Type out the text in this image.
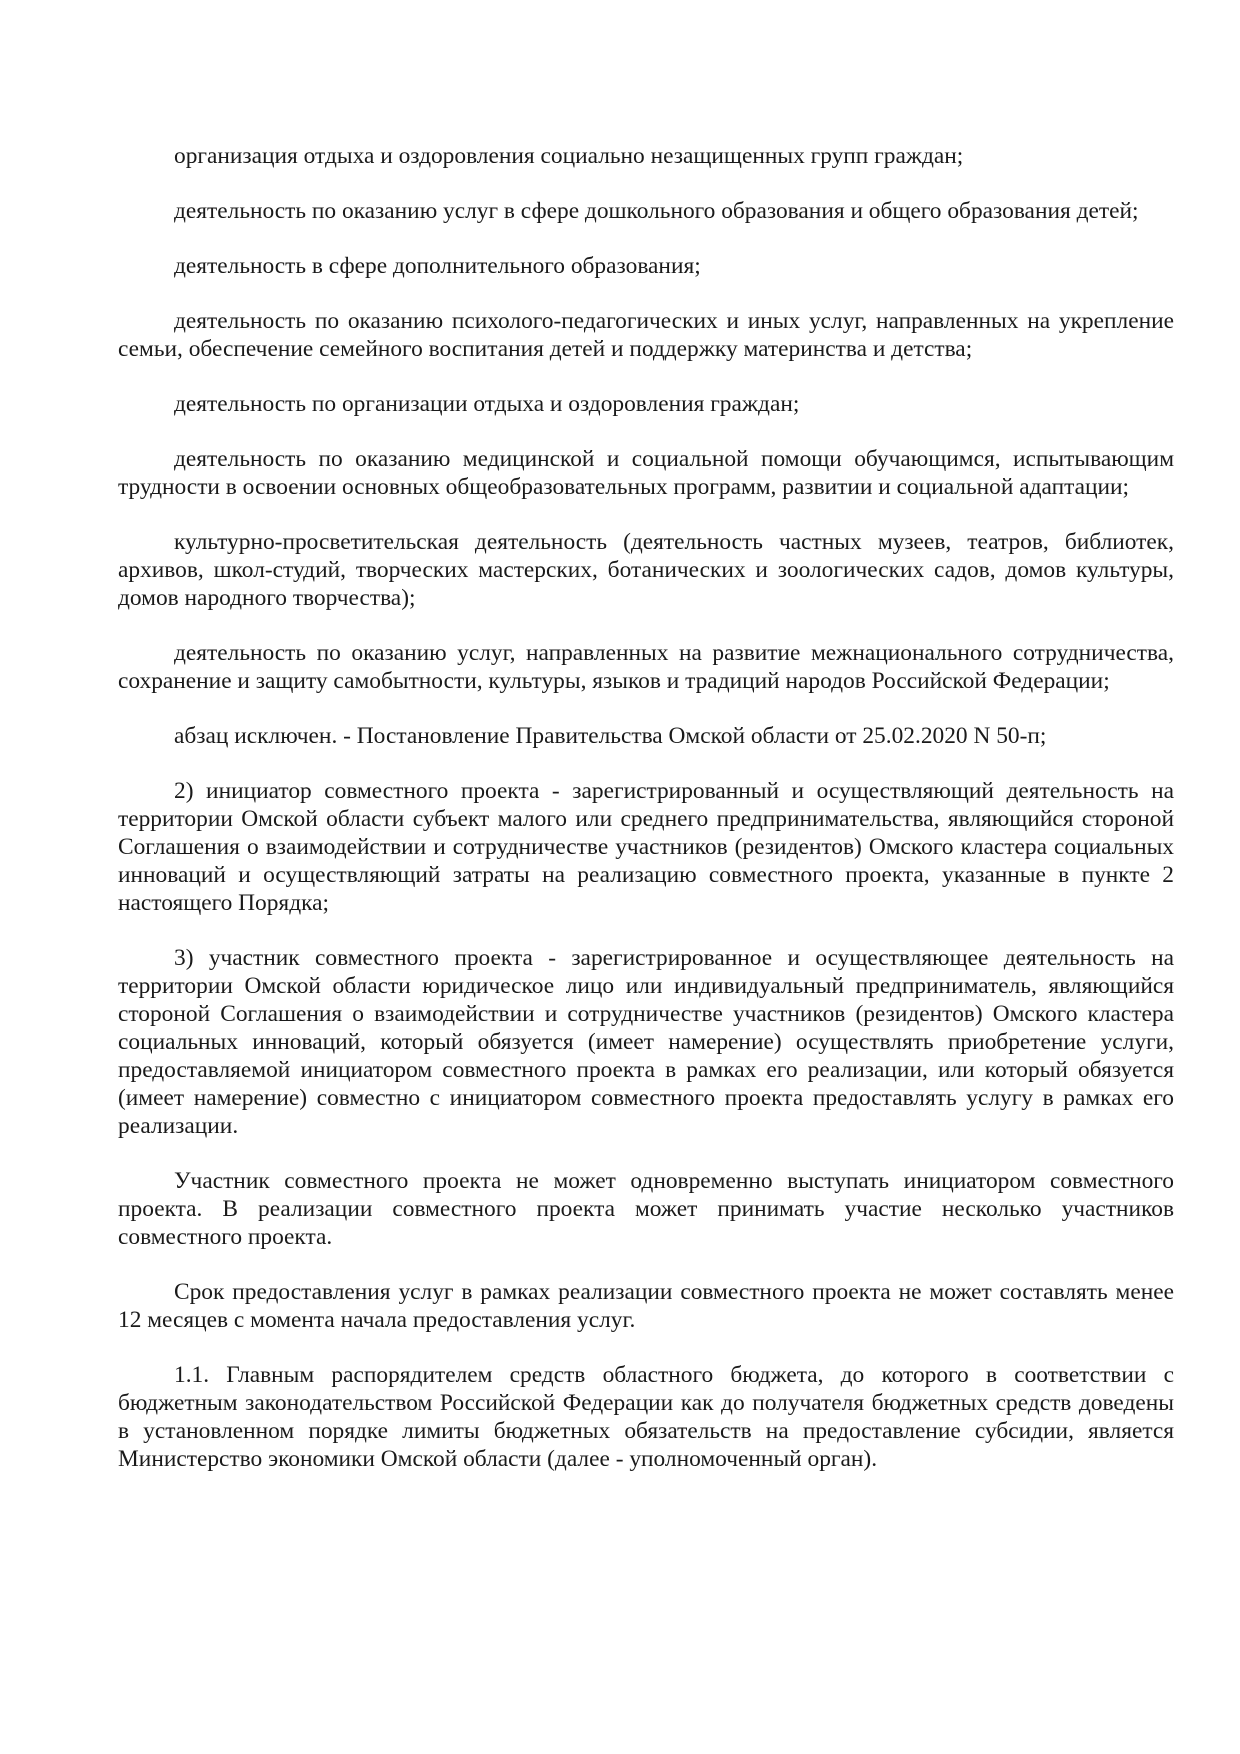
организация отдыха и оздоровления социально незащищенных групп граждан;

деятельность по оказанию услуг в сфере дошкольного образования и общего образования детей;

деятельность в сфере дополнительного образования;

деятельность по оказанию психолого-педагогических и иных услуг, направленных на укрепление семьи, обеспечение семейного воспитания детей и поддержку материнства и детства;

деятельность по организации отдыха и оздоровления граждан;

деятельность по оказанию медицинской и социальной помощи обучающимся, испытывающим трудности в освоении основных общеобразовательных программ, развитии и социальной адаптации;

культурно-просветительская деятельность (деятельность частных музеев, театров, библиотек, архивов, школ-студий, творческих мастерских, ботанических и зоологических садов, домов культуры, домов народного творчества);

деятельность по оказанию услуг, направленных на развитие межнационального сотрудничества, сохранение и защиту самобытности, культуры, языков и традиций народов Российской Федерации;

абзац исключен. - Постановление Правительства Омской области от 25.02.2020 N 50-п;

2) инициатор совместного проекта - зарегистрированный и осуществляющий деятельность на территории Омской области субъект малого или среднего предпринимательства, являющийся стороной Соглашения о взаимодействии и сотрудничестве участников (резидентов) Омского кластера социальных инноваций и осуществляющий затраты на реализацию совместного проекта, указанные в пункте 2 настоящего Порядка;

3) участник совместного проекта - зарегистрированное и осуществляющее деятельность на территории Омской области юридическое лицо или индивидуальный предприниматель, являющийся стороной Соглашения о взаимодействии и сотрудничестве участников (резидентов) Омского кластера социальных инноваций, который обязуется (имеет намерение) осуществлять приобретение услуги, предоставляемой инициатором совместного проекта в рамках его реализации, или который обязуется (имеет намерение) совместно с инициатором совместного проекта предоставлять услугу в рамках его реализации.

Участник совместного проекта не может одновременно выступать инициатором совместного проекта. В реализации совместного проекта может принимать участие несколько участников совместного проекта.

Срок предоставления услуг в рамках реализации совместного проекта не может составлять менее 12 месяцев с момента начала предоставления услуг.

1.1. Главным распорядителем средств областного бюджета, до которого в соответствии с бюджетным законодательством Российской Федерации как до получателя бюджетных средств доведены в установленном порядке лимиты бюджетных обязательств на предоставление субсидии, является Министерство экономики Омской области (далее - уполномоченный орган).
